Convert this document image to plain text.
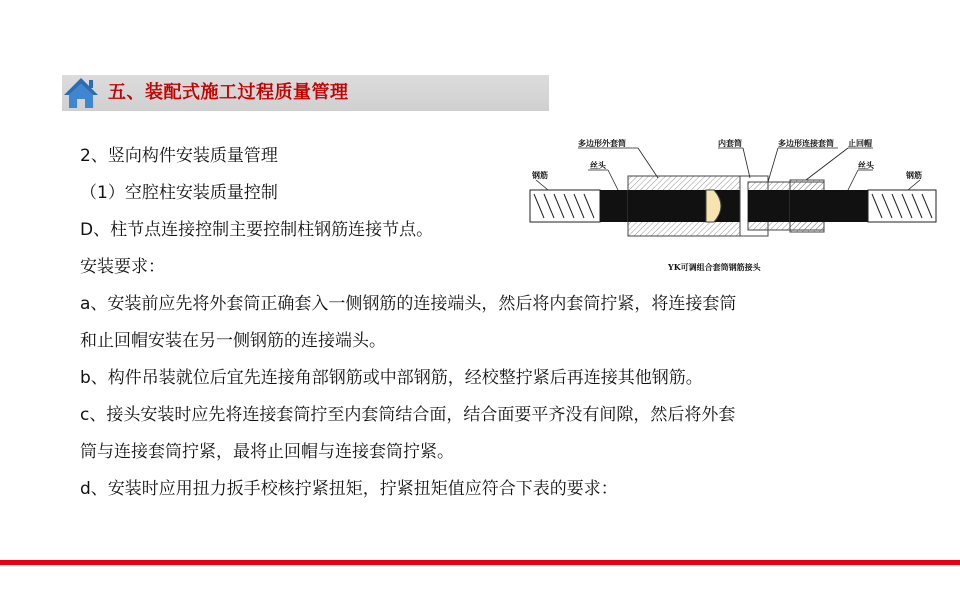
五、装配式施工过程质量管理
2、竖向构件安装质量管理
（1）空腔柱安装质量控制
D、柱节点连接控制主要控制柱钢筋连接节点。
安装要求：
a、安装前应先将外套筒正确套入一侧钢筋的连接端头，然后将内套筒拧紧，将连接套筒
和止回帽安装在另一侧钢筋的连接端头。
b、构件吊装就位后宜先连接角部钢筋或中部钢筋，经校整拧紧后再连接其他钢筋。
c、接头安装时应先将连接套筒拧至内套筒结合面，结合面要平齐没有间隙，然后将外套
筒与连接套筒拧紧，最将止回帽与连接套筒拧紧。
d、安装时应用扭力扳手校核拧紧扭矩，拧紧扭矩值应符合下表的要求：
多边形外套筒	内套筒	多边形连接套筒 止回帽
丝头	丝头
钢筋	钢筋
YK可调组合套筒钢筋接头
